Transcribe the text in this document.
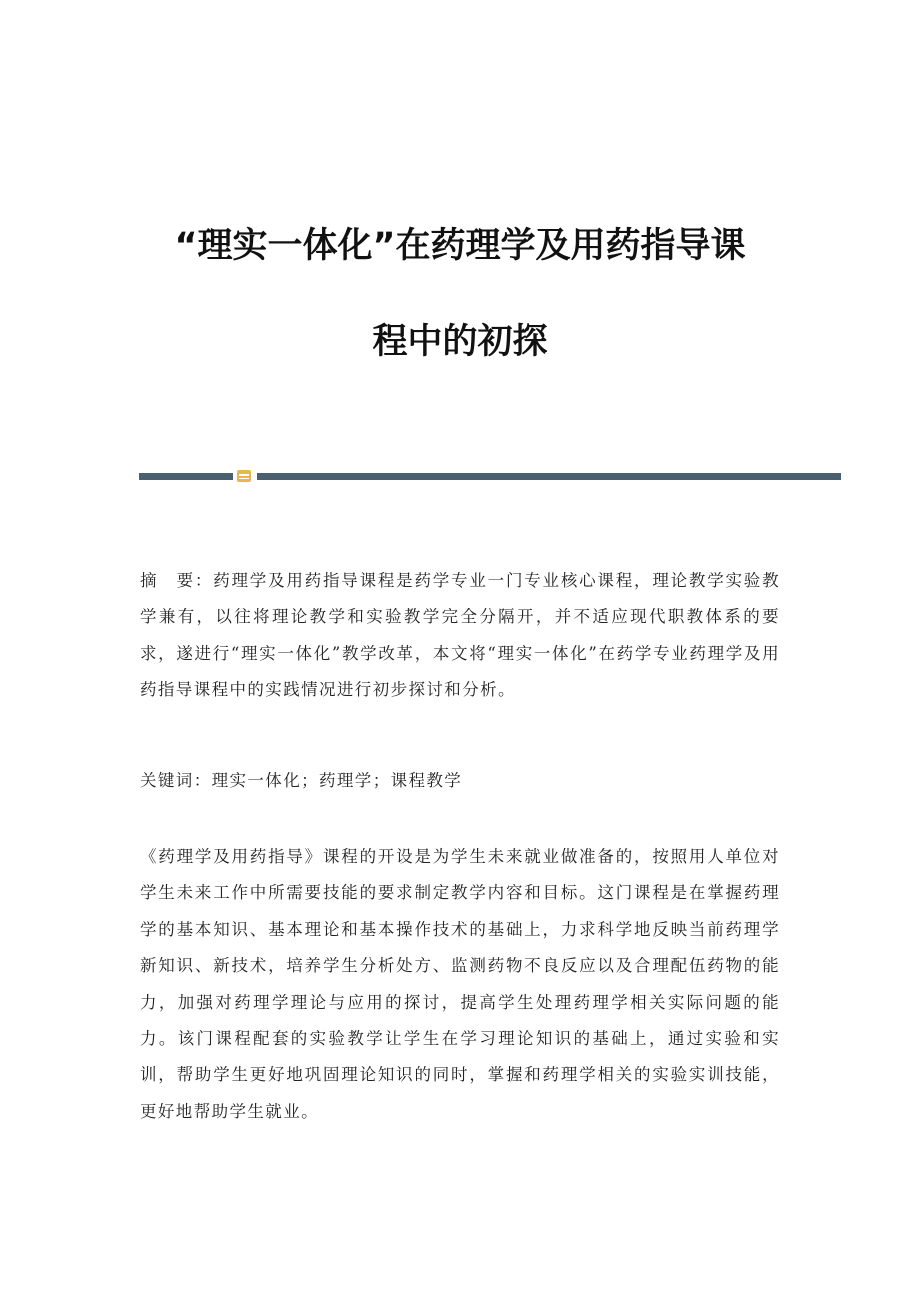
“理实一体化”在药理学及用药指导课
程中的初探

摘　要：药理学及用药指导课程是药学专业一门专业核心课程，理论教学实验教学兼有，以往将理论教学和实验教学完全分隔开，并不适应现代职教体系的要求，遂进行“理实一体化”教学改革，本文将“理实一体化”在药学专业药理学及用药指导课程中的实践情况进行初步探讨和分析。

关键词：理实一体化；药理学；课程教学

《药理学及用药指导》课程的开设是为学生未来就业做准备的，按照用人单位对学生未来工作中所需要技能的要求制定教学内容和目标。这门课程是在掌握药理学的基本知识、基本理论和基本操作技术的基础上，力求科学地反映当前药理学新知识、新技术，培养学生分析处方、监测药物不良反应以及合理配伍药物的能力，加强对药理学理论与应用的探讨，提高学生处理药理学相关实际问题的能力。该门课程配套的实验教学让学生在学习理论知识的基础上，通过实验和实训，帮助学生更好地巩固理论知识的同时，掌握和药理学相关的实验实训技能，更好地帮助学生就业。
